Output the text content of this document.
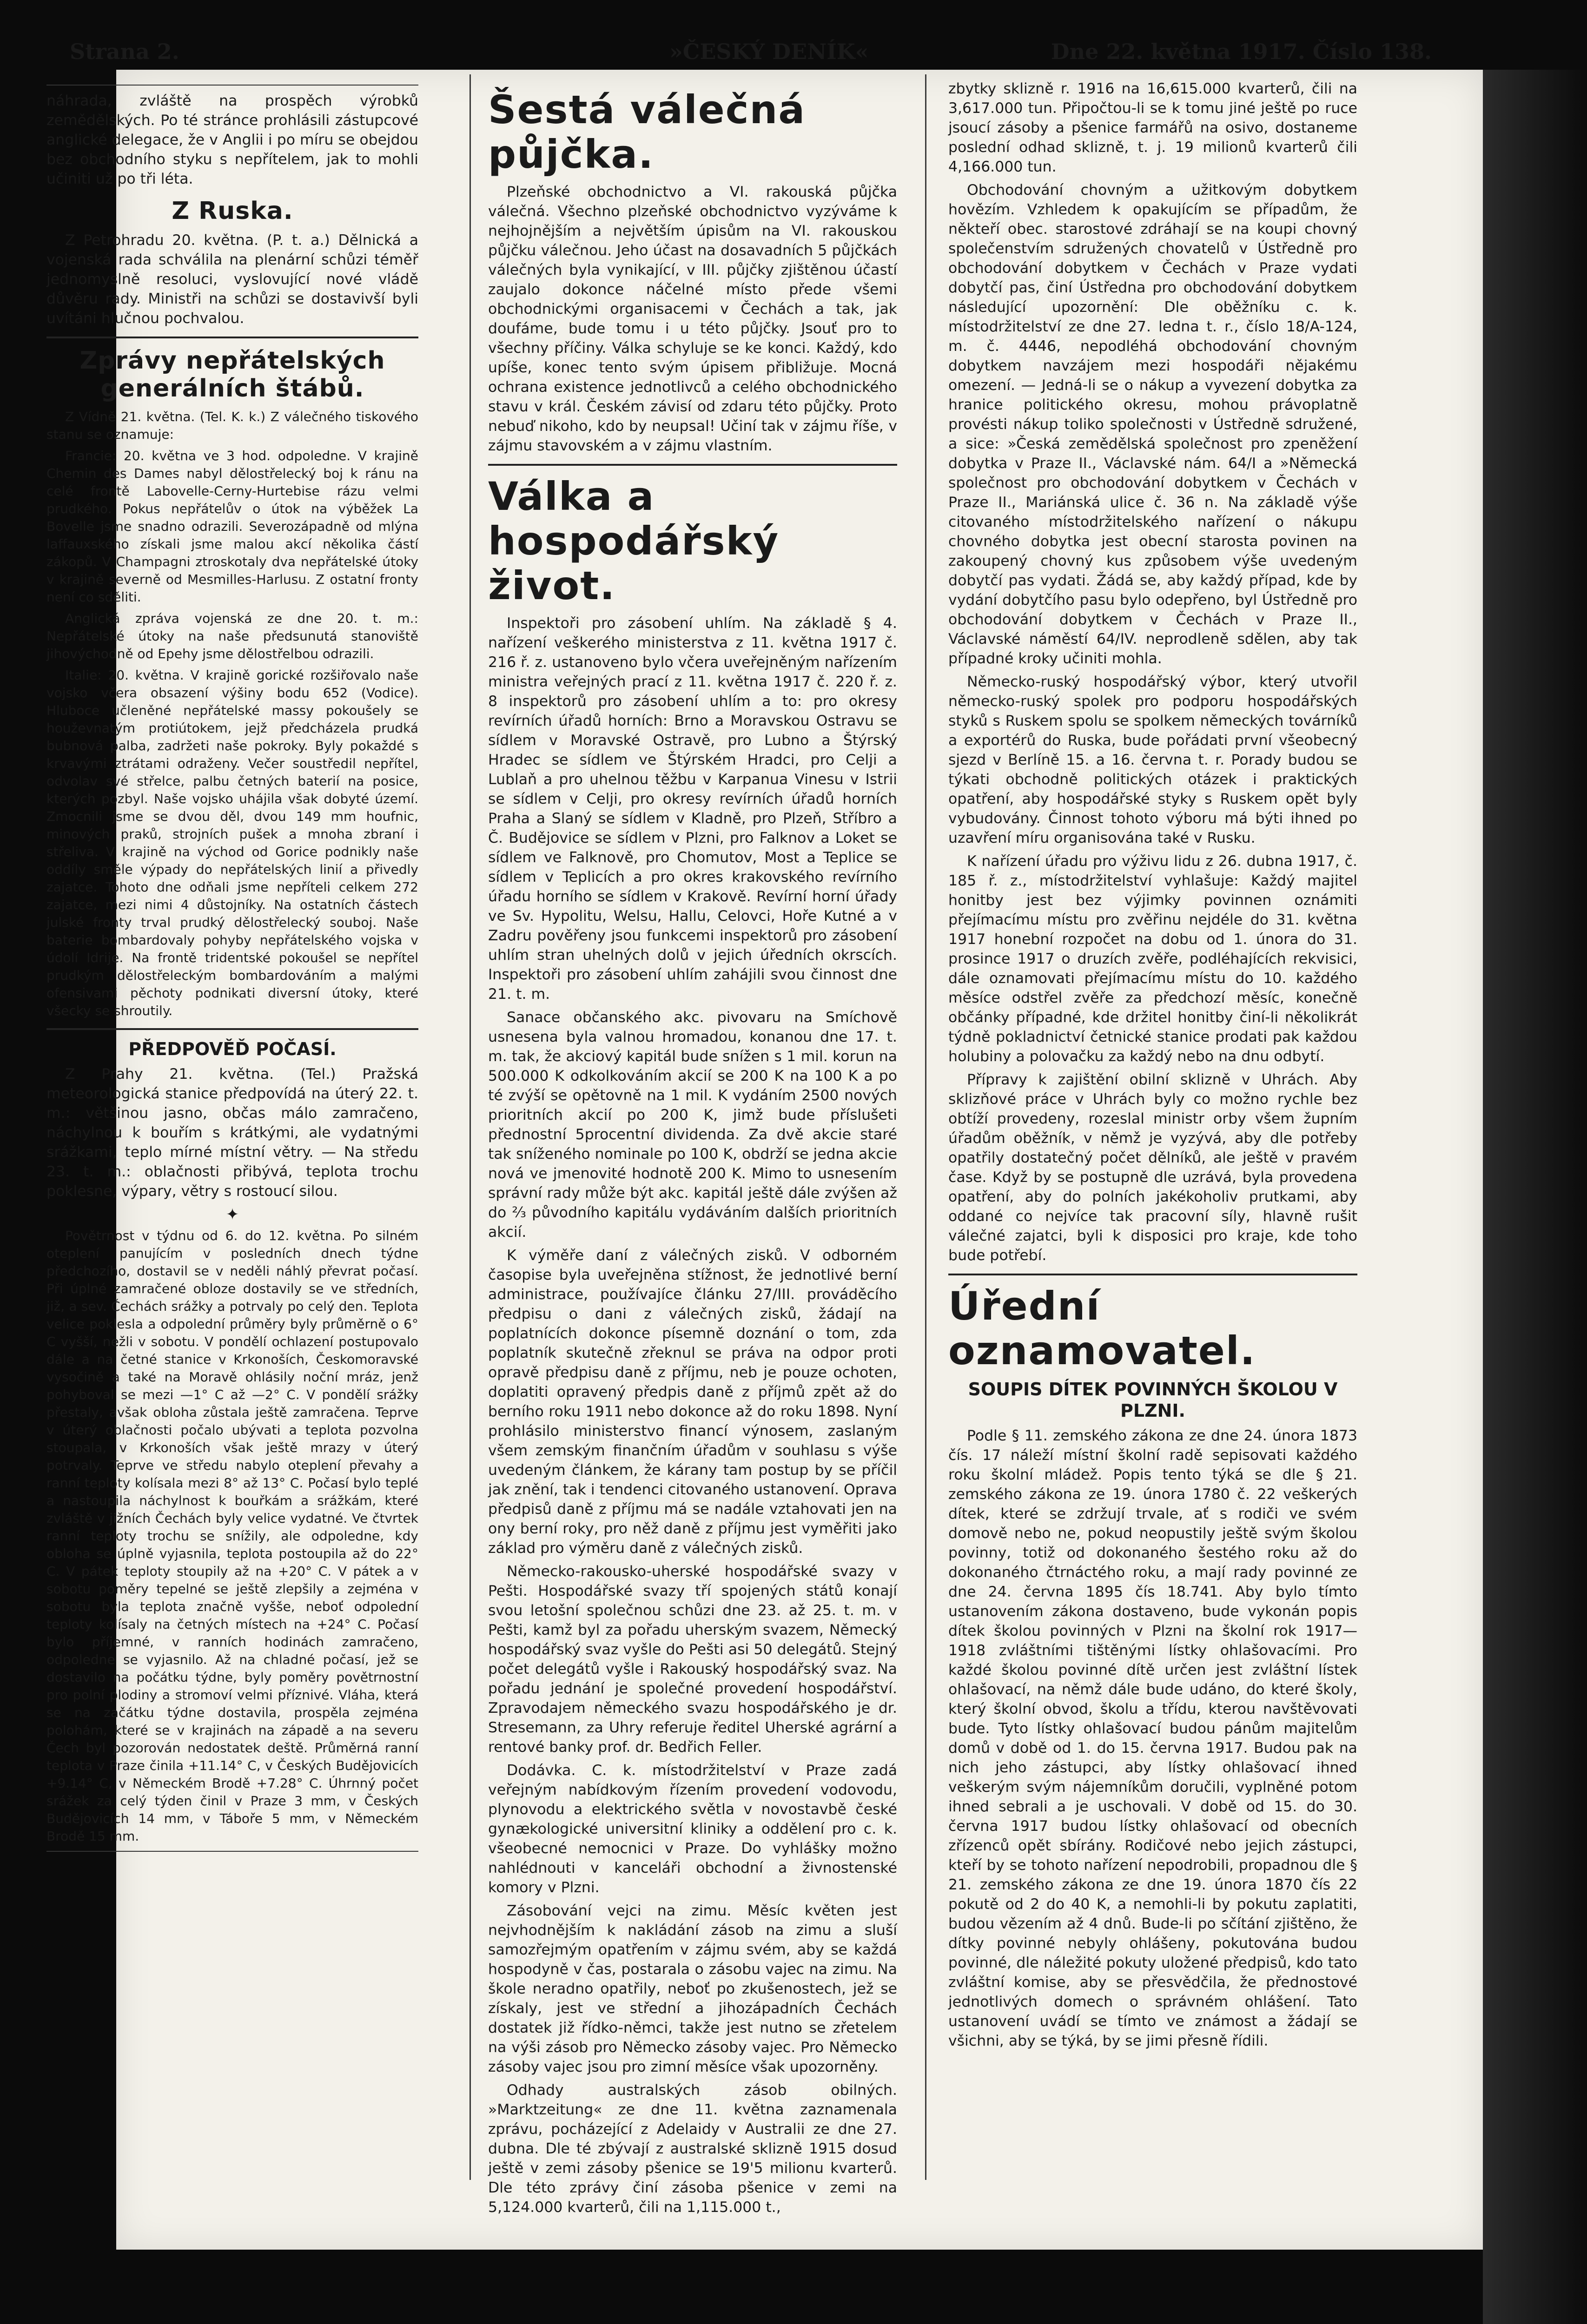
Strana 2.	»ČESKÝ DENÍK«	Dne 22. května 1917. Číslo 138.

náhrada, zvláště na prospěch výrobků zemědělských. Po té stránce prohlásili zástupcové anglické delegace, že v Anglii i po míru se obejdou bez obchodního styku s nepřítelem, jak to mohli učiniti už po tři léta.

Z Ruska.

Z Petrohradu 20. května. (P. t. a.) Dělnická a vojenská rada schválila na plenární schůzi téměř jednomyslně resoluci, vyslovující nové vládě důvěru rady. Ministři na schůzi se dostavivší byli uvítáni hlučnou pochvalou.

Zprávy nepřátelských generálních štábů.

Z Vídně 21. května. (Tel. K. k.) Z válečného tiskového stanu se oznamuje:

Francie: 20. května ve 3 hod. odpoledne. V krajině Chemin des Dames nabyl dělostřelecký boj k ránu na celé frontě Labovelle-Cerny-Hurtebise rázu velmi prudkého. Pokus nepřátelův o útok na výběžek La Bovelle jsme snadno odrazili. Severozápadně od mlýna laffauxského získali jsme malou akcí několika částí zákopů. V Champagni ztroskotaly dva nepřátelské útoky v krajině severně od Mesmilles-Harlusu. Z ostatní fronty není co sděliti.

Anglická zpráva vojenská ze dne 20. t. m.: Nepřátelské útoky na naše předsunutá stanoviště jihovýchodně od Epehy jsme dělostřelbou odrazili.

Italie: 20. května. V krajině gorické rozšiřovalo naše vojsko včera obsazení výšiny bodu 652 (Vodice). Hluboce učleněné nepřátelské massy pokoušely se houževnatým protiútokem, jejž předcházela prudká bubnová palba, zadržeti naše pokroky. Byly pokaždé s krvavými ztrátami odraženy. Večer soustředil nepřítel, odvolav své střelce, palbu četných baterií na posice, kterých pozbyl. Naše vojsko uhájila však dobyté území. Zmocnili jsme se dvou děl, dvou 149 mm houfnic, minových praků, strojních pušek a mnoha zbraní i střeliva. V krajině na východ od Gorice podnikly naše oddíly směle výpady do nepřátelských linií a přivedly zajatce. Tohoto dne odňali jsme nepříteli celkem 272 zajatce, mezi nimi 4 důstojníky. Na ostatních částech julské fronty trval prudký dělostřelecký souboj. Naše baterie bombardovaly pohyby nepřátelského vojska v údolí Idrije. Na frontě tridentské pokoušel se nepřítel prudkým dělostřeleckým bombardováním a malými ofensivami pěchoty podnikati diversní útoky, které všecky se shroutily.

PŘEDPOVĚĎ POČASÍ.

Z Prahy 21. května. (Tel.) Pražská meteorologická stanice předpovídá na úterý 22. t. m.: většinou jasno, občas málo zamračeno, náchylnou k bouřím s krátkými, ale vydatnými srážkami, teplo mírné místní větry. — Na středu 23. t. m.: oblačnosti přibývá, teplota trochu poklesne, výpary, větry s rostoucí silou.

✦

Povětrnost v týdnu od 6. do 12. května. Po silném oteplení panujícím v posledních dnech týdne předchozího, dostavil se v neděli náhlý převrat počasí. Při úplné zamračené obloze dostavily se ve středních, již, a sev. Čechách srážky a potrvaly po celý den. Teplota velice poklesla a odpolední průměry byly průměrně o 6° C vyšší, nežli v sobotu. V pondělí ochlazení postupovalo dále a na četné stanice v Krkonoších, Českomoravské vysočině a také na Moravě ohlásily noční mráz, jenž pohyboval se mezi —1° C až —2° C. V pondělí srážky přestaly, avšak obloha zůstala ještě zamračena. Teprve v úterý oblačnosti počalo ubývati a teplota pozvolna stoupala, v Krkonoších však ještě mrazy v úterý potrvaly. Teprve ve středu nabylo oteplení převahy a ranní teploty kolísala mezi 8° až 13° C. Počasí bylo teplé a nastoupila náchylnost k bouřkám a srážkám, které zvláště v jižních Čechách byly velice vydatné. Ve čtvrtek ranní teploty trochu se snížily, ale odpoledne, kdy obloha se úplně vyjasnila, teplota postoupila až do 22° C. V pátek teploty stoupily až na +20° C. V pátek a v sobotu poměry tepelné se ještě zlepšily a zejména v sobotu byla teplota značně vyšše, neboť odpolední teploty kolísaly na četných místech na +24° C. Počasí bylo příjemné, v ranních hodinách zamračeno, odpoledne se vyjasnilo. Až na chladné počasí, jež se dostavilo na počátku týdne, byly poměry povětrnostní pro polní plodiny a stromoví velmi příznivé. Vláha, která se na začátku týdne dostavila, prospěla zejména polohám, které se v krajinách na západě a na severu Čech byl pozorován nedostatek deště. Průměrná ranní teplota v Praze činila +11.14° C, v Českých Budějovicích +9.14° C, v Německém Brodě +7.28° C. Úhrnný počet srážek za celý týden činil v Praze 3 mm, v Českých Budějovicích 14 mm, v Táboře 5 mm, v Německém Brodě 15 mm.

Šestá válečná půjčka.

Plzeňské obchodnictvo a VI. rakouská půjčka válečná. Všechno plzeňské obchodnictvo vyzýváme k nejhojnějším a největším úpisům na VI. rakouskou půjčku válečnou. Jeho účast na dosavadních 5 půjčkách válečných byla vynikající, v III. půjčky zjištěnou účastí zaujalo dokonce náčelné místo přede všemi obchodnickými organisacemi v Čechách a tak, jak doufáme, bude tomu i u této půjčky. Jsouť pro to všechny příčiny. Válka schyluje se ke konci. Každý, kdo upíše, konec tento svým úpisem přibližuje. Mocná ochrana existence jednotlivců a celého obchodnického stavu v král. Českém závisí od zdaru této půjčky. Proto nebuď nikoho, kdo by neupsal! Učiní tak v zájmu říše, v zájmu stavovském a v zájmu vlastním.

Válka a hospodářský život.

Inspektoři pro zásobení uhlím. Na základě § 4. nařízení veškerého ministerstva z 11. května 1917 č. 216 ř. z. ustanoveno bylo včera uveřejněným nařízením ministra veřejných prací z 11. května 1917 č. 220 ř. z. 8 inspektorů pro zásobení uhlím a to: pro okresy revírních úřadů horních: Brno a Moravskou Ostravu se sídlem v Moravské Ostravě, pro Lubno a Štýrský Hradec se sídlem ve Štýrském Hradci, pro Celji a Lublaň a pro uhelnou těžbu v Karpanua Vinesu v Istrii se sídlem v Celji, pro okresy revírních úřadů horních Praha a Slaný se sídlem v Kladně, pro Plzeň, Stříbro a Č. Budějovice se sídlem v Plzni, pro Falknov a Loket se sídlem ve Falknově, pro Chomutov, Most a Teplice se sídlem v Teplicích a pro okres krakovského revírního úřadu horního se sídlem v Krakově. Revírní horní úřady ve Sv. Hypolitu, Welsu, Hallu, Celovci, Hoře Kutné a v Zadru pověřeny jsou funkcemi inspektorů pro zásobení uhlím stran uhelných dolů v jejich úředních okrscích. Inspektoři pro zásobení uhlím zahájili svou činnost dne 21. t. m.

Sanace občanského akc. pivovaru na Smíchově usnesena byla valnou hromadou, konanou dne 17. t. m. tak, že akciový kapitál bude snížen s 1 mil. korun na 500.000 K odkolkováním akcií se 200 K na 100 K a po té zvýší se opětovně na 1 mil. K vydáním 2500 nových prioritních akcií po 200 K, jimž bude příslušeti přednostní 5procentní dividenda. Za dvě akcie staré tak sníženého nominale po 100 K, obdrží se jedna akcie nová ve jmenovité hodnotě 200 K. Mimo to usnesením správní rady může být akc. kapitál ještě dále zvýšen až do ⅔ původního kapitálu vydáváním dalších prioritních akcií.

K výměře daní z válečných zisků. V odborném časopise byla uveřejněna stížnost, že jednotlivé berní administrace, používajíce článku 27/III. prováděcího předpisu o dani z válečných zisků, žádají na poplatnících dokonce písemně doznání o tom, zda poplatník skutečně zřeknul se práva na odpor proti opravě předpisu daně z příjmu, neb je pouze ochoten, doplatiti opravený předpis daně z příjmů zpět až do berního roku 1911 nebo dokonce až do roku 1898. Nyní prohlásilo ministerstvo financí výnosem, zaslaným všem zemským finančním úřadům v souhlasu s výše uvedeným článkem, že kárany tam postup by se příčil jak znění, tak i tendenci citovaného ustanovení. Oprava předpisů daně z příjmu má se nadále vztahovati jen na ony berní roky, pro něž daně z příjmu jest vyměřiti jako základ pro výměru daně z válečných zisků.

Německo-rakousko-uherské hospodářské svazy v Pešti. Hospodářské svazy tří spojených států konají svou letošní společnou schůzi dne 23. až 25. t. m. v Pešti, kamž byl za pořadu uherským svazem, Německý hospodářský svaz vyšle do Pešti asi 50 delegátů. Stejný počet delegátů vyšle i Rakouský hospodářský svaz. Na pořadu jednání je společné provedení hospodářství. Zpravodajem německého svazu hospodářského je dr. Stresemann, za Uhry referuje ředitel Uherské agrární a rentové banky prof. dr. Bedřich Feller.

Dodávka. C. k. místodržitelství v Praze zadá veřejným nabídkovým řízením provedení vodovodu, plynovodu a elektrického světla v novostavbě české gynækologické universitní kliniky a oddělení pro c. k. všeobecné nemocnici v Praze. Do vyhlášky možno nahlédnouti v kanceláři obchodní a živnostenské komory v Plzni.

Zásobování vejci na zimu. Měsíc květen jest nejvhodnějším k nakládání zásob na zimu a sluší samozřejmým opatřením v zájmu svém, aby se každá hospodyně v čas, postarala o zásobu vajec na zimu. Na škole neradno opatřily, neboť po zkušenostech, jež se získaly, jest ve střední a jihozápadních Čechách dostatek již řídko-němci, takže jest nutno se zřetelem na výši zásob pro Německo zásoby vajec. Pro Německo zásoby vajec jsou pro zimní měsíce však upozorněny.

Odhady australských zásob obilných. »Marktzeitung« ze dne 11. května zaznamenala zprávu, pocházející z Adelaidy v Australii ze dne 27. dubna. Dle té zbývají z australské sklizně 1915 dosud ještě v zemi zásoby pšenice se 19'5 milionu kvarterů. Dle této zprávy činí zásoba pšenice v zemi na 5,124.000 kvarterů, čili na 1,115.000 t.,

zbytky sklizně r. 1916 na 16,615.000 kvarterů, čili na 3,617.000 tun. Připočtou-li se k tomu jiné ještě po ruce jsoucí zásoby a pšenice farmářů na osivo, dostaneme poslední odhad sklizně, t. j. 19 milionů kvarterů čili 4,166.000 tun.

Obchodování chovným a užitkovým dobytkem hovězím. Vzhledem k opakujícím se případům, že někteří obec. starostové zdráhají se na koupi chovný společenstvím sdružených chovatelů v Ústředně pro obchodování dobytkem v Čechách v Praze vydati dobytčí pas, činí Ústředna pro obchodování dobytkem následující upozornění: Dle oběžníku c. k. místodržitelství ze dne 27. ledna t. r., číslo 18/A-124, m. č. 4446, nepodléhá obchodování chovným dobytkem navzájem mezi hospodáři nějakému omezení. — Jedná-li se o nákup a vyvezení dobytka za hranice politického okresu, mohou právoplatně provésti nákup toliko společnosti v Ústředně sdružené, a sice: »Česká zemědělská společnost pro zpeněžení dobytka v Praze II., Václavské nám. 64/I a »Německá společnost pro obchodování dobytkem v Čechách v Praze II., Mariánská ulice č. 36 n. Na základě výše citovaného místodržitelského nařízení o nákupu chovného dobytka jest obecní starosta povinen na zakoupený chovný kus způsobem výše uvedeným dobytčí pas vydati. Žádá se, aby každý případ, kde by vydání dobytčího pasu bylo odepřeno, byl Ústředně pro obchodování dobytkem v Čechách v Praze II., Václavské náměstí 64/IV. neprodleně sdělen, aby tak případné kroky učiniti mohla.

Německo-ruský hospodářský výbor, který utvořil německo-ruský spolek pro podporu hospodářských styků s Ruskem spolu se spolkem německých továrníků a exportérů do Ruska, bude pořádati první všeobecný sjezd v Berlíně 15. a 16. června t. r. Porady budou se týkati obchodně politických otázek i praktických opatření, aby hospodářské styky s Ruskem opět byly vybudovány. Činnost tohoto výboru má býti ihned po uzavření míru organisována také v Rusku.

K nařízení úřadu pro výživu lidu z 26. dubna 1917, č. 185 ř. z., místodržitelství vyhlašuje: Každý majitel honitby jest bez výjimky povinnen oznámiti přejímacímu místu pro zvěřinu nejdéle do 31. května 1917 honební rozpočet na dobu od 1. února do 31. prosince 1917 o druzích zvěře, podléhajících rekvisici, dále oznamovati přejímacímu místu do 10. každého měsíce odstřel zvěře za předchozí měsíc, konečně občánky případné, kde držitel honitby činí-li několikrát týdně pokladnictví četnické stanice prodati pak každou holubiny a polovačku za každý nebo na dnu odbytí.

Přípravy k zajištění obilní sklizně v Uhrách. Aby sklizňové práce v Uhrách byly co možno rychle bez obtíží provedeny, rozeslal ministr orby všem župním úřadům oběžník, v němž je vyzývá, aby dle potřeby opatřily dostatečný počet dělníků, ale ještě v pravém čase. Když by se postupně dle uzrává, byla provedena opatření, aby do polních jakékoholiv prutkami, aby oddané co nejvíce tak pracovní síly, hlavně rušit válečné zajatci, byli k disposici pro kraje, kde toho bude potřebí.

Úřední oznamovatel.
SOUPIS DÍTEK POVINNÝCH ŠKOLOU V PLZNI.

Podle § 11. zemského zákona ze dne 24. února 1873 čís. 17 náleží místní školní radě sepisovati každého roku školní mládež. Popis tento týká se dle § 21. zemského zákona ze 19. února 1780 č. 22 veškerých dítek, které se zdržují trvale, ať s rodiči ve svém domově nebo ne, pokud neopustily ještě svým školou povinny, totiž od dokonaného šestého roku až do dokonaného čtrnáctého roku, a mají rady povinné ze dne 24. června 1895 čís 18.741. Aby bylo tímto ustanovením zákona dostaveno, bude vykonán popis dítek školou povinných v Plzni na školní rok 1917—1918 zvláštními tištěnými lístky ohlašovacími. Pro každé školou povinné dítě určen jest zvláštní lístek ohlašovací, na němž dále bude udáno, do které školy, který školní obvod, školu a třídu, kterou navštěvovati bude. Tyto lístky ohlašovací budou pánům majitelům domů v době od 1. do 15. června 1917. Budou pak na nich jeho zástupci, aby lístky ohlašovací ihned veškerým svým nájemníkům doručili, vyplněné potom ihned sebrali a je uschovali. V době od 15. do 30. června 1917 budou lístky ohlašovací od obecních zřízenců opět sbírány. Rodičové nebo jejich zástupci, kteří by se tohoto nařízení nepodrobili, propadnou dle § 21. zemského zákona ze dne 19. února 1870 čís 22 pokutě od 2 do 40 K, a nemohli-li by pokutu zaplatiti, budou vězením až 4 dnů. Bude-li po sčítání zjištěno, že dítky povinné nebyly ohlášeny, pokutována budou povinné, dle náležité pokuty uložené předpisů, kdo tato zvláštní komise, aby se přesvědčila, že přednostové jednotlivých domech o správném ohlášení. Tato ustanovení uvádí se tímto ve známost a žádají se všichni, aby se týká, by se jimi přesně řídili.
